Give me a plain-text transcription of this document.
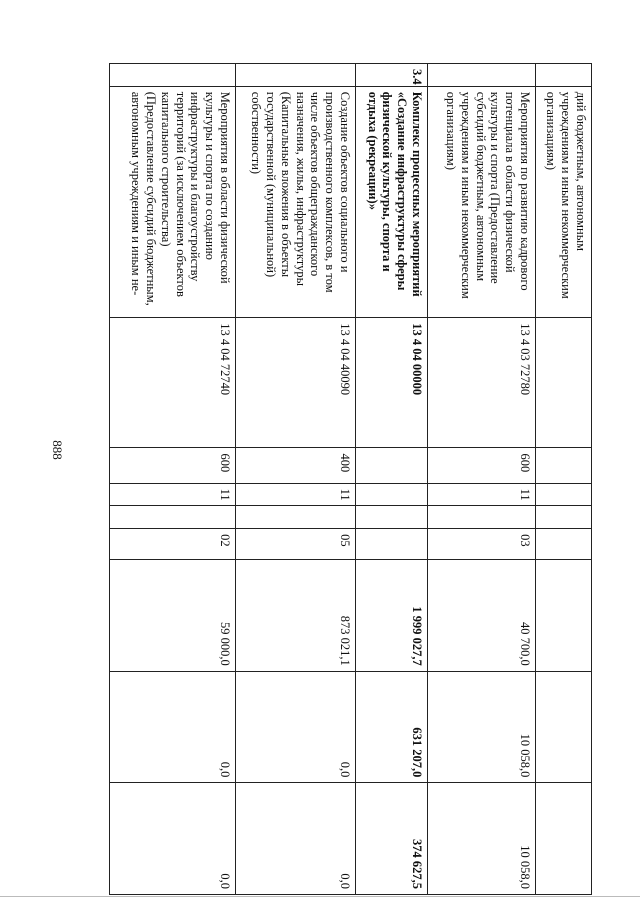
888
	дий бюджетным, автономным учреждениям и иным некоммерческим организациям)								
	Мероприятия по развитию кадрового потенциала в области физической культуры и спорта (Предоставление субсидий бюджетным, автономным учреждениям и иным некоммерческим организациям)	13 4 03 72780	600	11		03	40 700,0	10 058,0	10 058,0
3.4	Комплекс процессных мероприятий «Создание инфраструктуры сферы физической культуры, спорта и отдыха (рекреации)»	13 4 04 00000					1 999 027,7	631 207,0	374 627,5
	Создание объектов социального и производственного комплексов, в том числе объектов общегражданского назначения, жилья, инфраструктуры (Капитальные вложения в объекты государственной (муниципальной) собственности)	13 4 04 40090	400	11		05	873 021,1	0,0	0,0
	Мероприятия в области физической культуры и спорта по созданию инфраструктуры и благоустройству территорий (за исключением объектов капитального строительства) (Предоставление субсидий бюджетным, автономным учреждениям и иным не-	13 4 04 72740	600	11		02	59 000,0	0,0	0,0
